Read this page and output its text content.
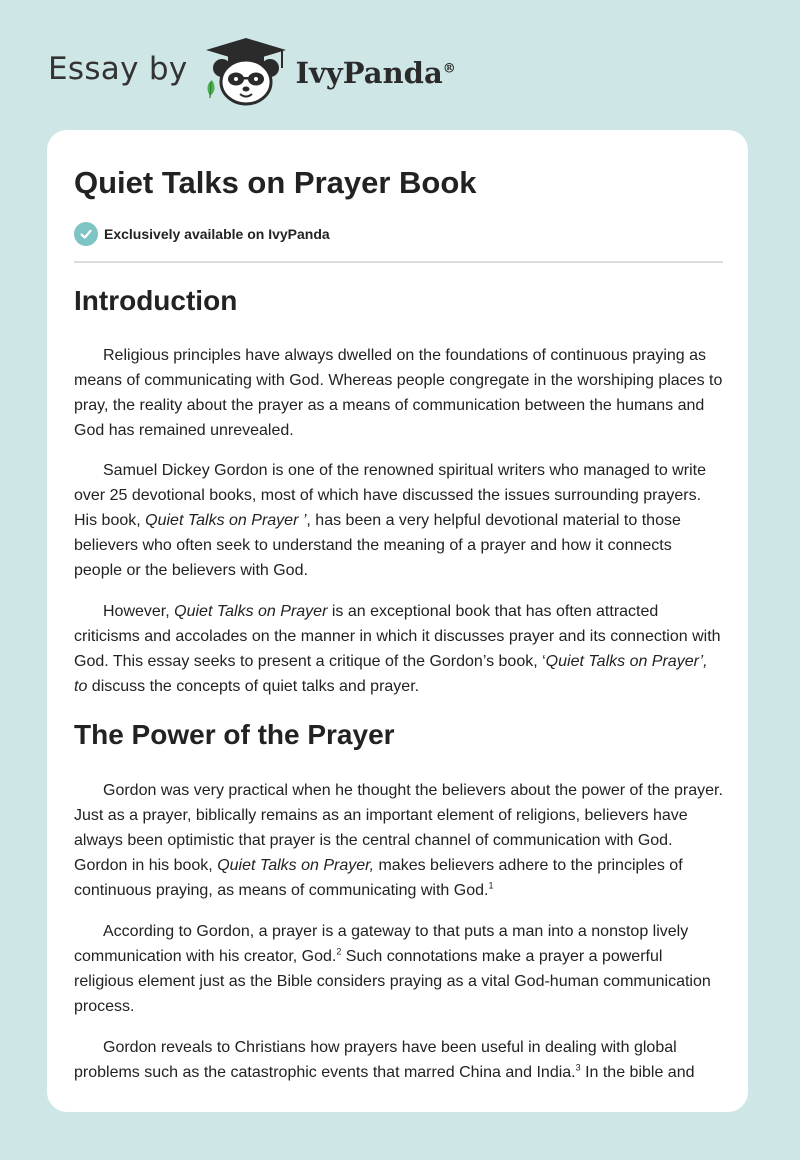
Essay by	IvyPanda®
Quiet Talks on Prayer Book
Exclusively available on IvyPanda
Introduction

Religious principles have always dwelled on the foundations of continuous praying as means of communicating with God. Whereas people congregate in the worshiping places to pray, the reality about the prayer as a means of communication between the humans and God has remained unrevealed.

Samuel Dickey Gordon is one of the renowned spiritual writers who managed to write over 25 devotional books, most of which have discussed the issues surrounding prayers. His book, Quiet Talks on Prayer ’, has been a very helpful devotional material to those believers who often seek to understand the meaning of a prayer and how it connects people or the believers with God.

However, Quiet Talks on Prayer is an exceptional book that has often attracted criticisms and accolades on the manner in which it discusses prayer and its connection with God. This essay seeks to present a critique of the Gordon’s book, ‘Quiet Talks on Prayer’, to discuss the concepts of quiet talks and prayer.

The Power of the Prayer

Gordon was very practical when he thought the believers about the power of the prayer. Just as a prayer, biblically remains as an important element of religions, believers have always been optimistic that prayer is the central channel of communication with God. Gordon in his book, Quiet Talks on Prayer, makes believers adhere to the principles of continuous praying, as means of communicating with God.$^1$

According to Gordon, a prayer is a gateway to that puts a man into a nonstop lively communication with his creator, God.$^2$ Such connotations make a prayer a powerful religious element just as the Bible considers praying as a vital God-human communication process.

Gordon reveals to Christians how prayers have been useful in dealing with global problems such as the catastrophic events that marred China and India.$^3$ In the bible and
